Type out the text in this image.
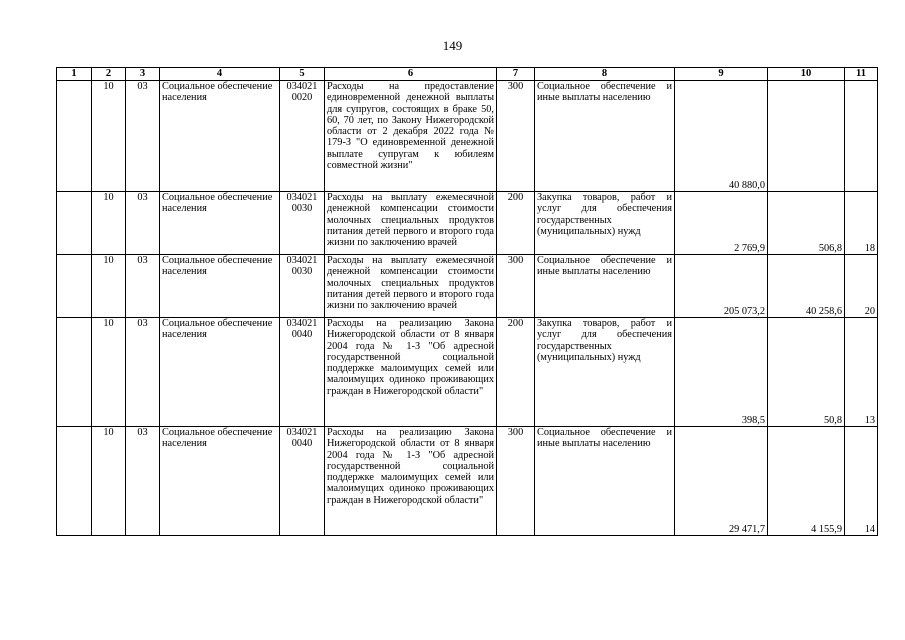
149
1	2	3	4	5	6	7	8	9	10	11
	10	03	Социальное обеспечение населения	034021 0020	Расходы на предоставление единовременной денежной выплаты для супругов, состоящих в браке 50, 60, 70 лет, по Закону Нижегородской области от 2 декабря 2022 года № 179-З "О единовременной денежной выплате супругам к юбилеям совместной жизни"	300	Социальное обеспечение и иные выплаты населению	40 880,0		
	10	03	Социальное обеспечение населения	034021 0030	Расходы на выплату ежемесячной денежной компенсации стоимости молочных специальных продуктов питания детей первого и второго года жизни по заключению врачей	200	Закупка товаров, работ и услуг для обеспечения государственных (муниципальных) нужд	2 769,9	506,8	18
	10	03	Социальное обеспечение населения	034021 0030	Расходы на выплату ежемесячной денежной компенсации стоимости молочных специальных продуктов питания детей первого и второго года жизни по заключению врачей	300	Социальное обеспечение и иные выплаты населению	205 073,2	40 258,6	20
	10	03	Социальное обеспечение населения	034021 0040	Расходы на реализацию Закона Нижегородской области от 8 января 2004 года № 1-З "Об адресной государственной социальной поддержке малоимущих семей или малоимущих одиноко проживающих граждан в Нижегородской области"	200	Закупка товаров, работ и услуг для обеспечения государственных (муниципальных) нужд	398,5	50,8	13
	10	03	Социальное обеспечение населения	034021 0040	Расходы на реализацию Закона Нижегородской области от 8 января 2004 года № 1-З "Об адресной государственной социальной поддержке малоимущих семей или малоимущих одиноко проживающих граждан в Нижегородской области"	300	Социальное обеспечение и иные выплаты населению	29 471,7	4 155,9	14
